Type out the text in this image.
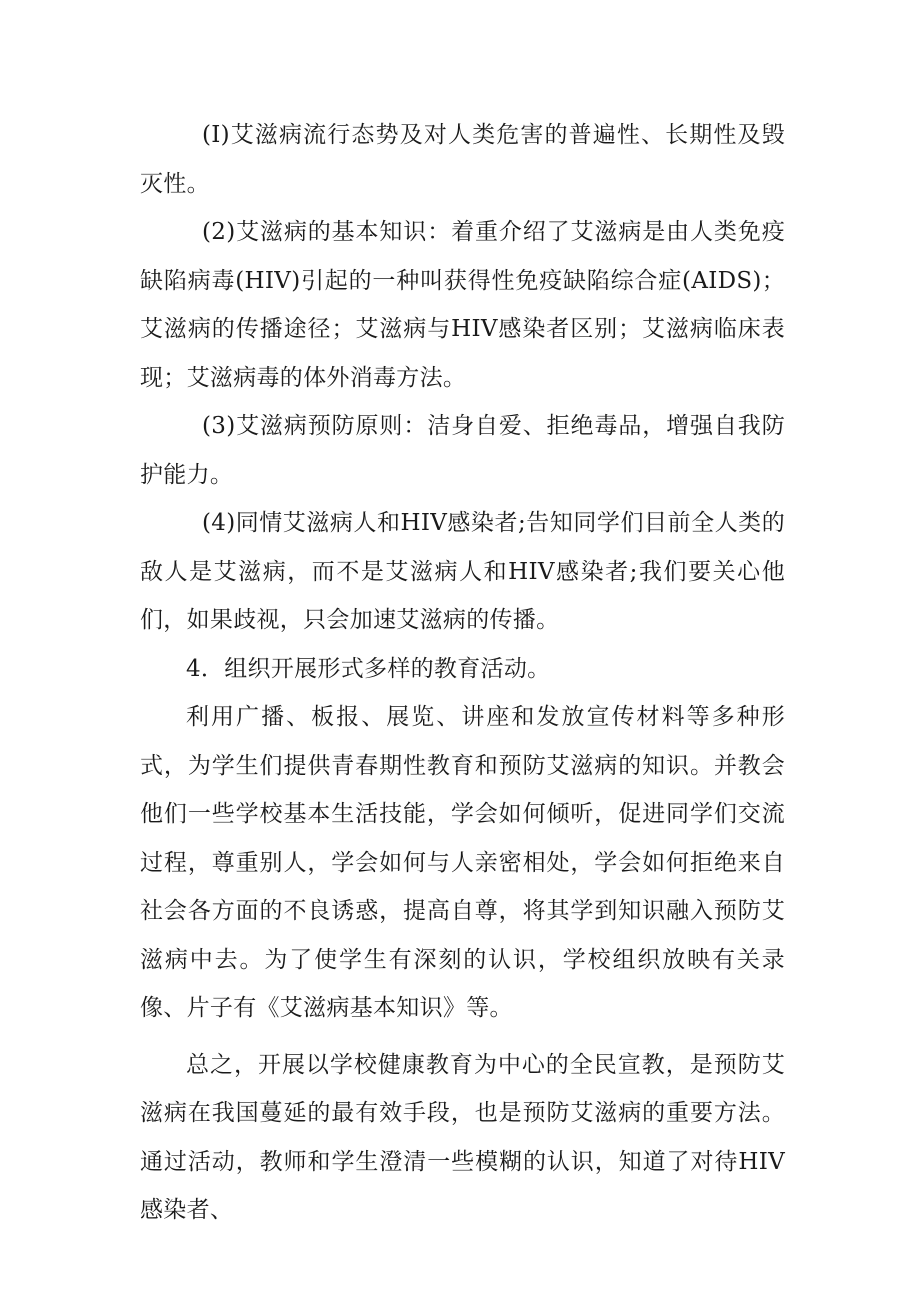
(I)艾滋病流行态势及对人类危害的普遍性、长期性及毁灭性。

(2)艾滋病的基本知识：着重介绍了艾滋病是由人类免疫缺陷病毒(HIV)引起的一种叫获得性免疫缺陷综合症(AIDS)；艾滋病的传播途径；艾滋病与HIV感染者区别；艾滋病临床表现；艾滋病毒的体外消毒方法。

(3)艾滋病预防原则：洁身自爱、拒绝毒品，增强自我防护能力。

(4)同情艾滋病人和HIV感染者;告知同学们目前全人类的敌人是艾滋病，而不是艾滋病人和HIV感染者;我们要关心他们，如果歧视，只会加速艾滋病的传播。

4．组织开展形式多样的教育活动。

利用广播、板报、展览、讲座和发放宣传材料等多种形式，为学生们提供青春期性教育和预防艾滋病的知识。并教会他们一些学校基本生活技能，学会如何倾听，促进同学们交流过程，尊重别人，学会如何与人亲密相处，学会如何拒绝来自社会各方面的不良诱惑，提高自尊，将其学到知识融入预防艾滋病中去。为了使学生有深刻的认识，学校组织放映有关录像、片子有《艾滋病基本知识》等。

总之，开展以学校健康教育为中心的全民宣教，是预防艾滋病在我国蔓延的最有效手段，也是预防艾滋病的重要方法。通过活动，教师和学生澄清一些模糊的认识，知道了对待HIV感染者、
